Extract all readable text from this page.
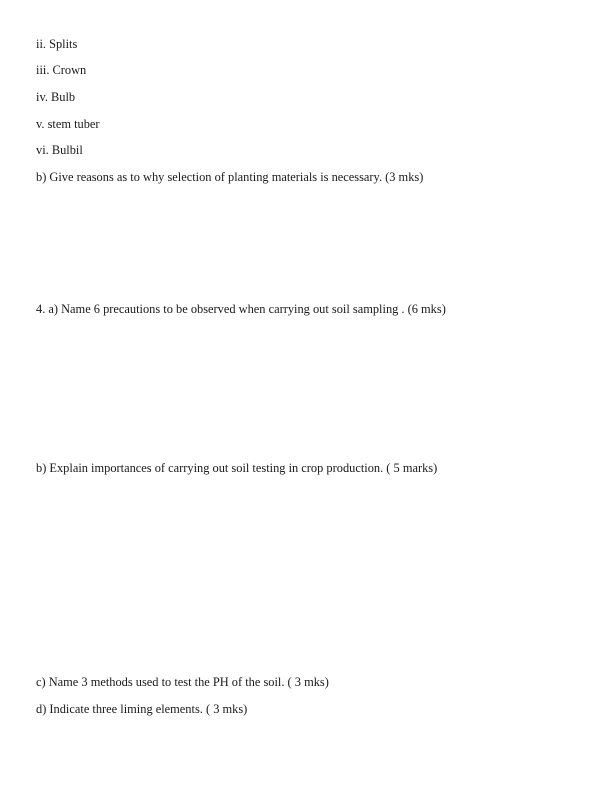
ii. Splits
iii. Crown
iv. Bulb
v. stem tuber
vi. Bulbil
b) Give reasons as to why selection of planting materials is necessary. (3 mks)
4. a) Name 6 precautions to be observed when carrying out soil sampling . (6 mks)
b) Explain importances of carrying out soil testing in crop production. ( 5 marks)
c) Name 3 methods used to test the PH of the soil. ( 3 mks)
d) Indicate three liming elements. ( 3 mks)
